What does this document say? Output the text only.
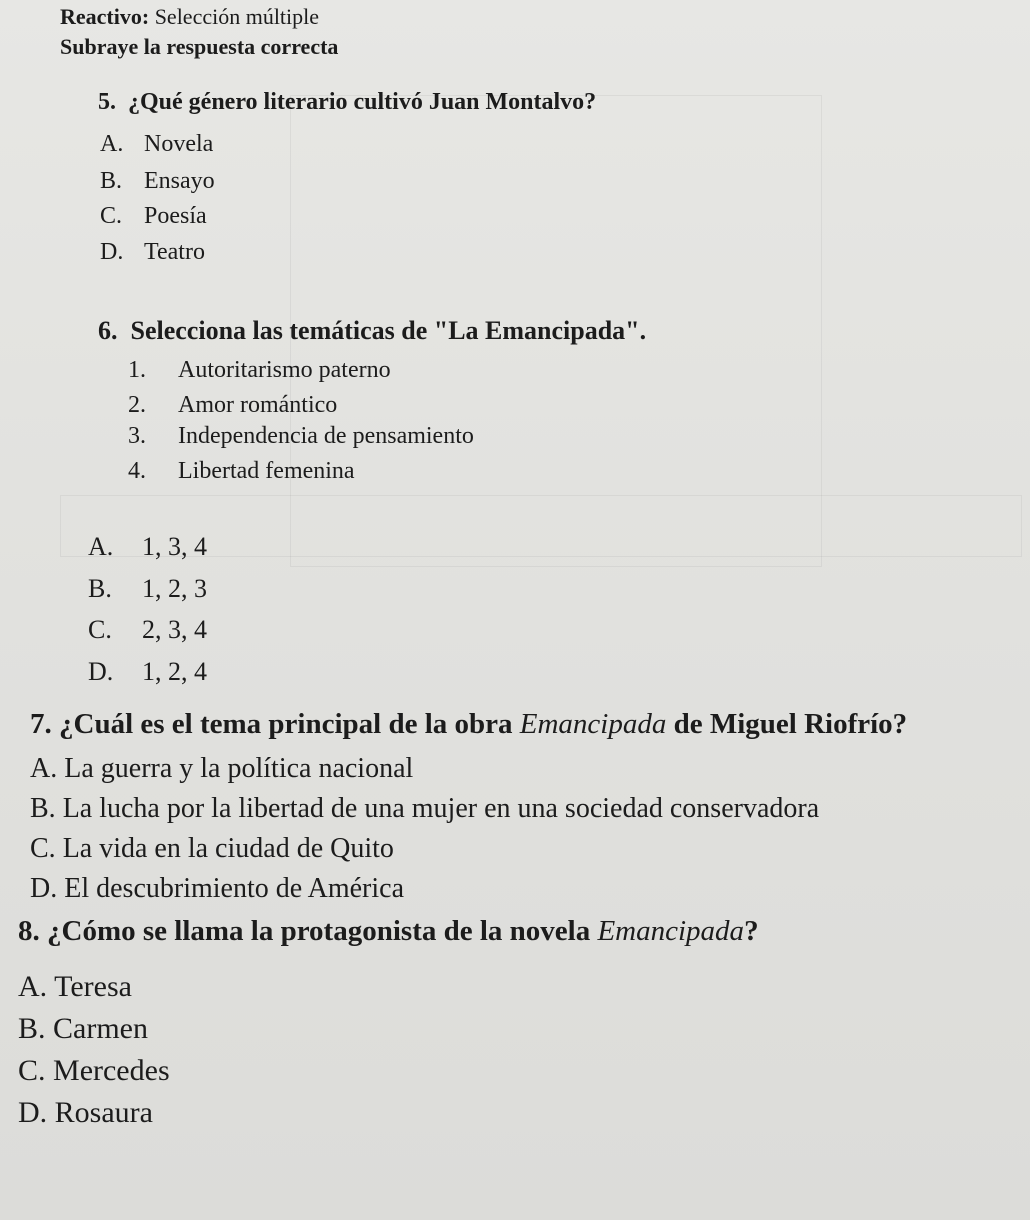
Reactivo: Selección múltiple
Subraye la respuesta correcta
5. ¿Qué género literario cultivó Juan Montalvo?
A. Novela
B. Ensayo
C. Poesía
D. Teatro
6. Selecciona las temáticas de "La Emancipada".
1. Autoritarismo paterno
2. Amor romántico
3. Independencia de pensamiento
4. Libertad femenina
A. 1, 3, 4
B. 1, 2, 3
C. 2, 3, 4
D. 1, 2, 4
7. ¿Cuál es el tema principal de la obra Emancipada de Miguel Riofrío?
A. La guerra y la política nacional
B. La lucha por la libertad de una mujer en una sociedad conservadora
C. La vida en la ciudad de Quito
D. El descubrimiento de América
8. ¿Cómo se llama la protagonista de la novela Emancipada?
A. Teresa
B. Carmen
C. Mercedes
D. Rosaura
